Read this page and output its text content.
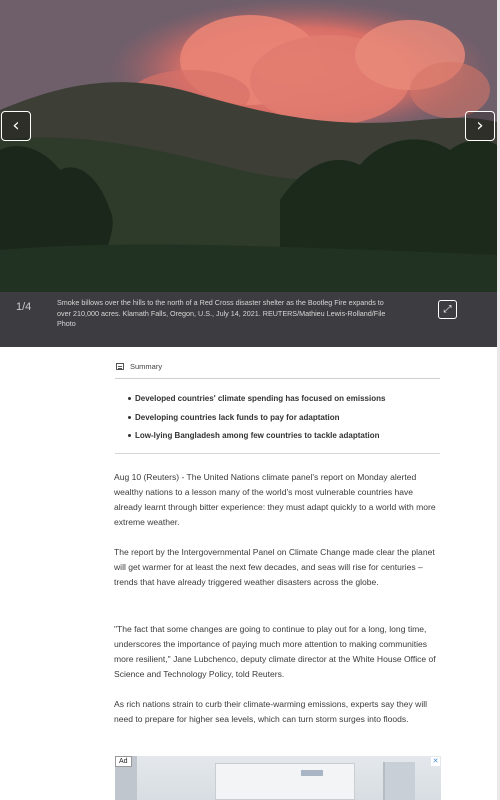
‹	›
1/4	Smoke billows over the hills to the north of a Red Cross disaster shelter as the Bootleg Fire expands to over 210,000 acres. Klamath Falls, Oregon, U.S., July 14, 2021. REUTERS/Mathieu Lewis-Rolland/File Photo
⤢
Summary
Developed countries' climate spending has focused on emissions
Developing countries lack funds to pay for adaptation
Low-lying Bangladesh among few countries to tackle adaptation

Aug 10 (Reuters) - The United Nations climate panel's report on Monday alerted wealthy nations to a lesson many of the world's most vulnerable countries have already learnt through bitter experience: they must adapt quickly to a world with more extreme weather.

The report by the Intergovernmental Panel on Climate Change made clear the planet will get warmer for at least the next few decades, and seas will rise for centuries – trends that have already triggered weather disasters across the globe.

"The fact that some changes are going to continue to play out for a long, long time, underscores the importance of paying much more attention to making communities more resilient," Jane Lubchenco, deputy climate director at the White House Office of Science and Technology Policy, told Reuters.

As rich nations strain to curb their climate-warming emissions, experts say they will need to prepare for higher sea levels, which can turn storm surges into floods.

Ad	✕
